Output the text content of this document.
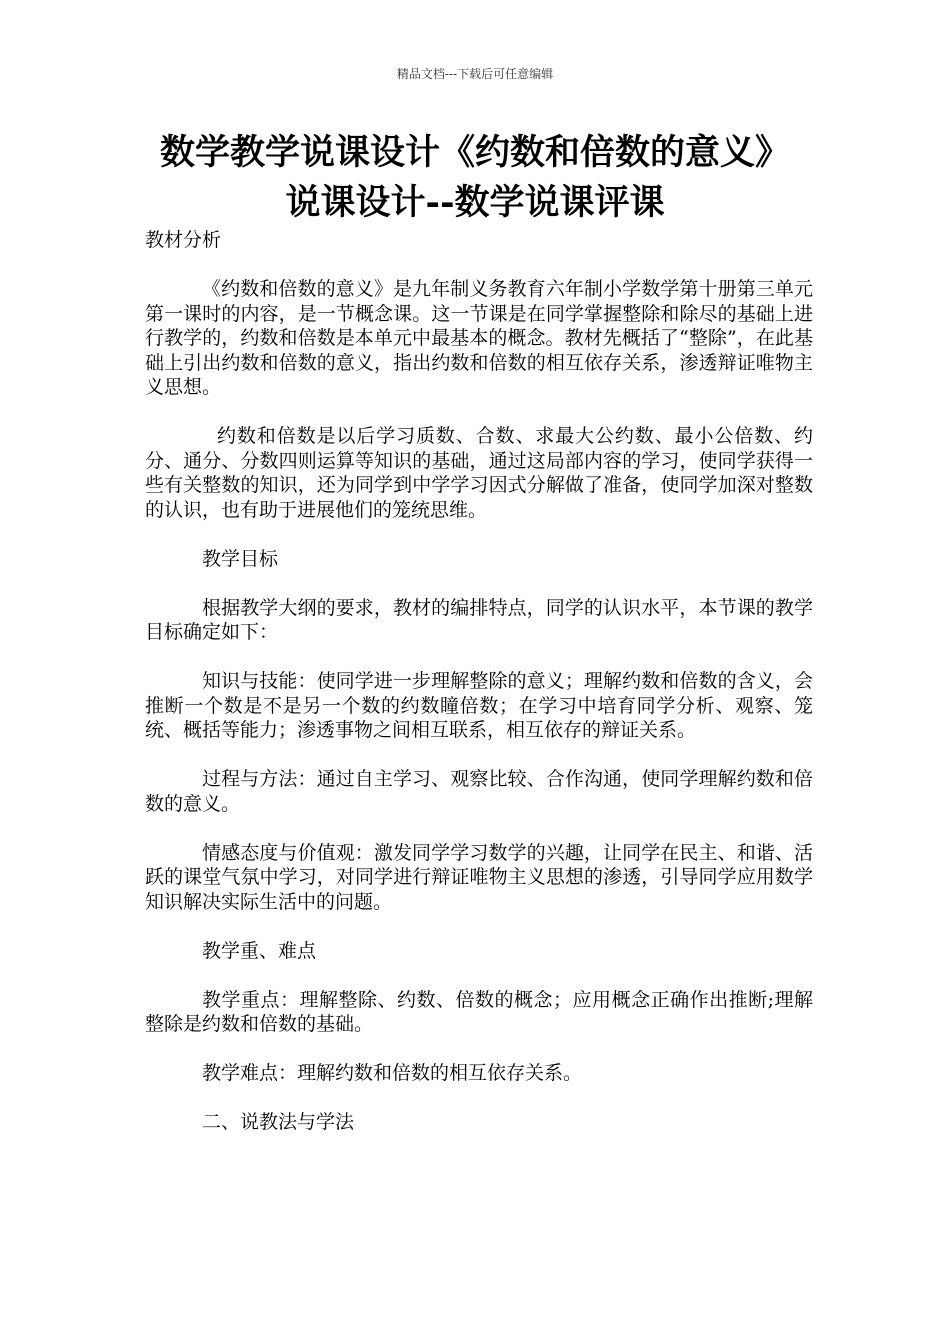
精品文档---下载后可任意编辑
数学教学说课设计《约数和倍数的意义》说课设计--数学说课评课

教材分析

《约数和倍数的意义》是九年制义务教育六年制小学数学第十册第三单元第一课时的内容，是一节概念课。这一节课是在同学掌握整除和除尽的基础上进行教学的，约数和倍数是本单元中最基本的概念。教材先概括了“整除”，在此基础上引出约数和倍数的意义，指出约数和倍数的相互依存关系，渗透辩证唯物主义思想。

约数和倍数是以后学习质数、合数、求最大公约数、最小公倍数、约分、通分、分数四则运算等知识的基础，通过这局部内容的学习，使同学获得一些有关整数的知识，还为同学到中学学习因式分解做了准备，使同学加深对整数的认识，也有助于进展他们的笼统思维。

教学目标

根据教学大纲的要求，教材的编排特点，同学的认识水平，本节课的教学目标确定如下：

知识与技能：使同学进一步理解整除的意义；理解约数和倍数的含义，会推断一个数是不是另一个数的约数瞳倍数；在学习中培育同学分析、观察、笼统、概括等能力；渗透事物之间相互联系，相互依存的辩证关系。

过程与方法：通过自主学习、观察比较、合作沟通，使同学理解约数和倍数的意义。

情感态度与价值观：激发同学学习数学的兴趣，让同学在民主、和谐、活跃的课堂气氛中学习，对同学进行辩证唯物主义思想的渗透，引导同学应用数学知识解决实际生活中的问题。

教学重、难点

教学重点：理解整除、约数、倍数的概念；应用概念正确作出推断;理解整除是约数和倍数的基础。

教学难点：理解约数和倍数的相互依存关系。

二、说教法与学法
